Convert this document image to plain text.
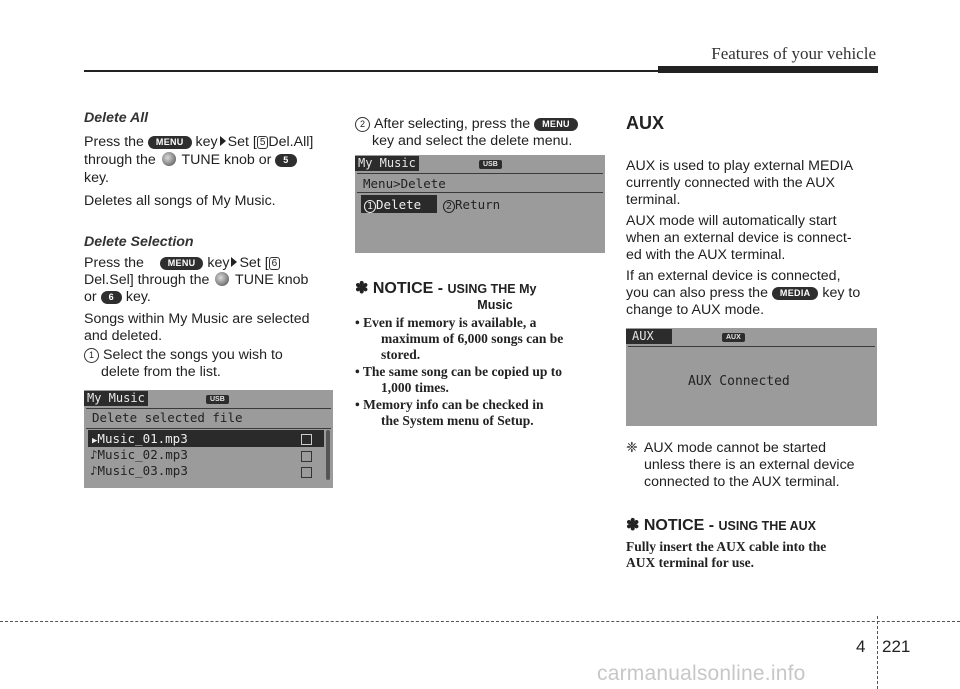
Features of your vehicle
Delete All
Press the MENU key Set [ 5 Del.All]
through the TUNE knob or 5
key.
Deletes all songs of My Music.
Delete Selection
Press the	MENU key Set [ 6
Del.Sel] through the TUNE knob
or 6 key.
Songs within My Music are selected
and deleted.
1 Select the songs you wish to
delete from the list.
My Music	USB
Delete selected file
▶Music_01.mp3
♪Music_02.mp3
♪Music_03.mp3
2 After selecting, press the MENU
key and select the delete menu.
My Music	USB
Menu>Delete
1 Delete	2 Return
✽ NOTICE - USING THE My
Music
• Even if memory is available, a
maximum of 6,000 songs can be
stored.
• The same song can be copied up to
1,000 times.
• Memory info can be checked in
the System menu of Setup.
AUX
AUX is used to play external MEDIA
currently connected with the AUX
terminal.
AUX mode will automatically start
when an external device is connect-
ed with the AUX terminal.
If an external device is connected,
you can also press the MEDIA key to
change to AUX mode.
AUX	AUX
AUX Connected
❈ AUX mode cannot be started
unless there is an external device
connected to the AUX terminal.
✽ NOTICE - USING THE AUX
Fully insert the AUX cable into the
AUX terminal for use.
4 221
carmanualsonline.info
